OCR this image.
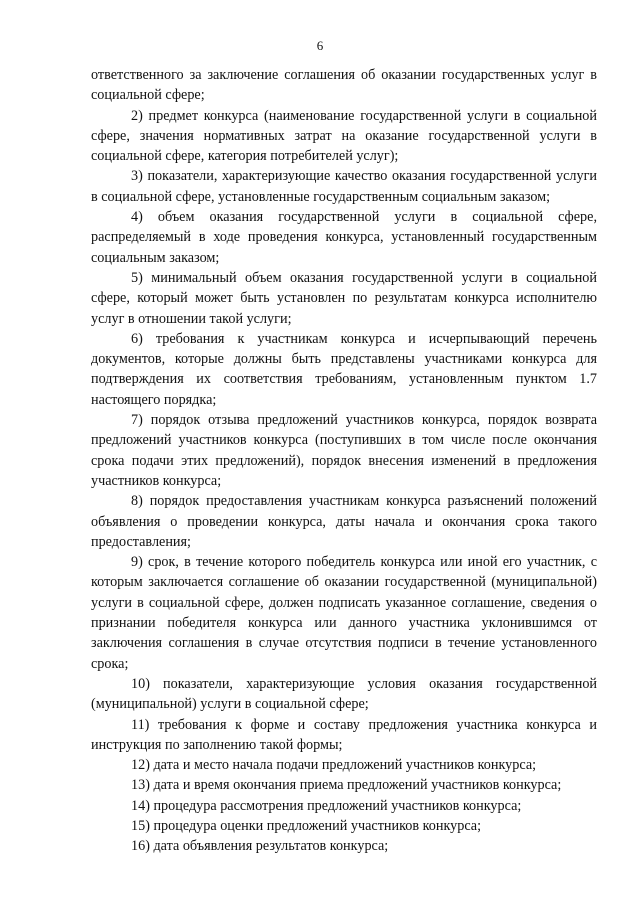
6

ответственного за заключение соглашения об оказании государственных услуг в социальной сфере;

2) предмет конкурса (наименование государственной услуги в социальной сфере, значения нормативных затрат на оказание государственной услуги в социальной сфере, категория потребителей услуг);

3) показатели, характеризующие качество оказания государственной услуги в социальной сфере, установленные государственным социальным заказом;

4) объем оказания государственной услуги в социальной сфере, распределяемый в ходе проведения конкурса, установленный государственным социальным заказом;

5) минимальный объем оказания государственной услуги в социальной сфере, который может быть установлен по результатам конкурса исполнителю услуг в отношении такой услуги;

6) требования к участникам конкурса и исчерпывающий перечень документов, которые должны быть представлены участниками конкурса для подтверждения их соответствия требованиям, установленным пунктом 1.7 настоящего порядка;

7) порядок отзыва предложений участников конкурса, порядок возврата предложений участников конкурса (поступивших в том числе после окончания срока подачи этих предложений), порядок внесения изменений в предложения участников конкурса;

8) порядок предоставления участникам конкурса разъяснений положений объявления о проведении конкурса, даты начала и окончания срока такого предоставления;

9) срок, в течение которого победитель конкурса или иной его участник, с которым заключается соглашение об оказании государственной (муниципальной) услуги в социальной сфере, должен подписать указанное соглашение, сведения о признании победителя конкурса или данного участника уклонившимся от заключения соглашения в случае отсутствия подписи в течение установленного срока;

10) показатели, характеризующие условия оказания государственной (муниципальной) услуги в социальной сфере;

11) требования к форме и составу предложения участника конкурса и инструкция по заполнению такой формы;

12) дата и место начала подачи предложений участников конкурса;

13) дата и время окончания приема предложений участников конкурса;

14) процедура рассмотрения предложений участников конкурса;

15) процедура оценки предложений участников конкурса;

16) дата объявления результатов конкурса;
